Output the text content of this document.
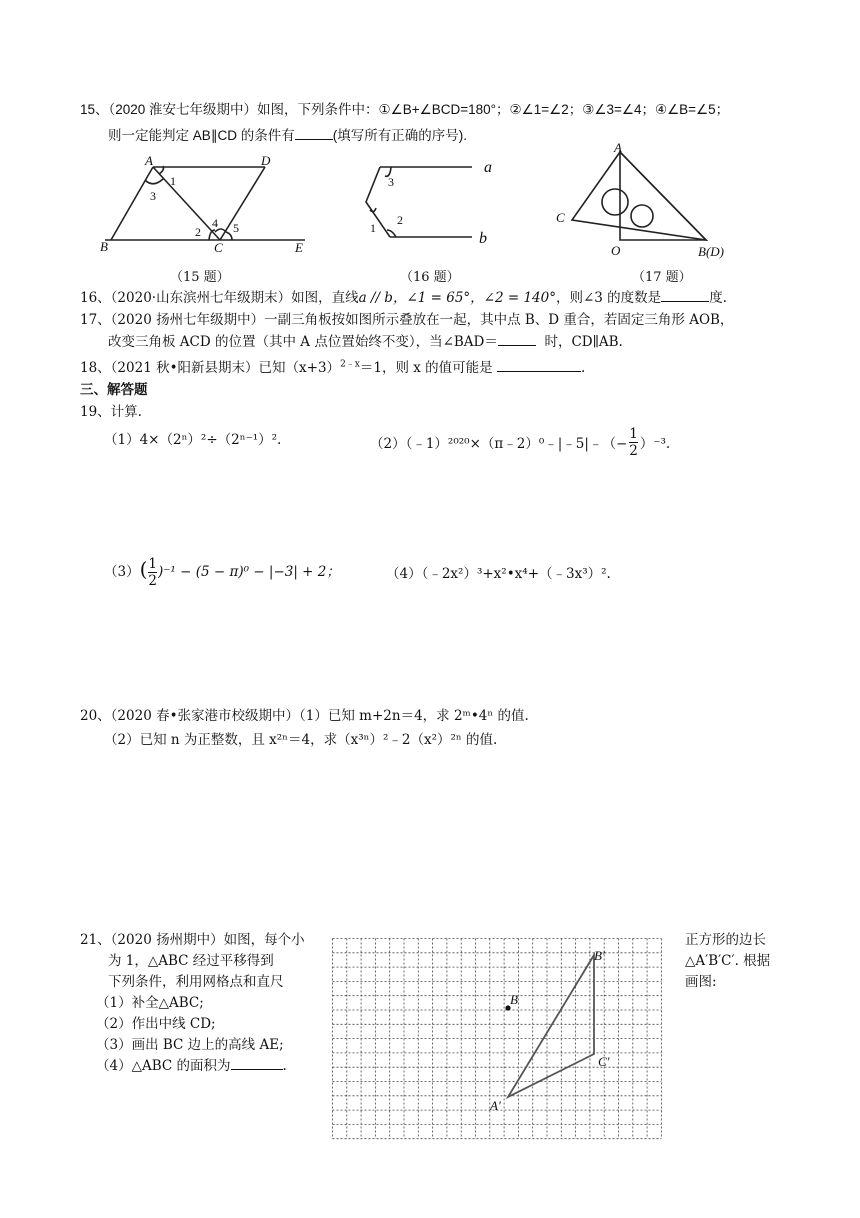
15、（2020 淮安七年级期中）如图，下列条件中：①∠B+∠BCD=180°；②∠1=∠2；③∠3=∠4；④∠B=∠5；
则一定能判定 AB∥CD 的条件有	(填写所有正确的序号).
A	D
B	C	E
1
3
2
4 5
（15 题）
a
b
3
1
2
（16 题）
A
C
O	B(D)
（17 题）
16、（2020·山东滨州七年级期末）如图，直线a // b，∠1 = 65°，∠2 = 140°，则∠3 的度数是	度.
17、（2020 扬州七年级期中）一副三角板按如图所示叠放在一起，其中点 B、D 重合，若固定三角形 AOB，
改变三角板 ACD 的位置（其中 A 点位置始终不变），当∠BAD＝	时，CD∥AB.
18、（2021 秋•阳新县期末）已知$(x+3)^{2﹣x}=1$，则 x 的值可能是	.
三、解答题
19、计算.
（1）4×（2ⁿ）²÷（2ⁿ⁻¹）².	（2）（﹣1）²⁰²⁰×（π﹣2）⁰﹣|﹣5|﹣（− $\frac{1}{2} )^{-3}$.
$(3)( \frac{1}{2} )^{-1} - (5 - \pi)^0 - |-3| + 2$；	（4）（﹣2x²）³+x²•x⁴+（﹣3x³）².
20、（2020 春•张家港市校级期中）（1）已知 m+2n＝4，求 2ᵐ•4ⁿ 的值.
（2）已知 n 为正整数，且 x²ⁿ＝4，求（x³ⁿ）²﹣2（x²）²ⁿ 的值.
21、（2020 扬州期中）如图，每个小
为 1，△ABC 经过平移得到
下列条件，利用网格点和直尺
（1）补全△ABC;
（2）作出中线 CD;
（3）画出 BC 边上的高线 AE;
（4）△ABC 的面积为	.
B
B′
C′
A′
正方形的边长
△A′B′C′. 根据
画图:
